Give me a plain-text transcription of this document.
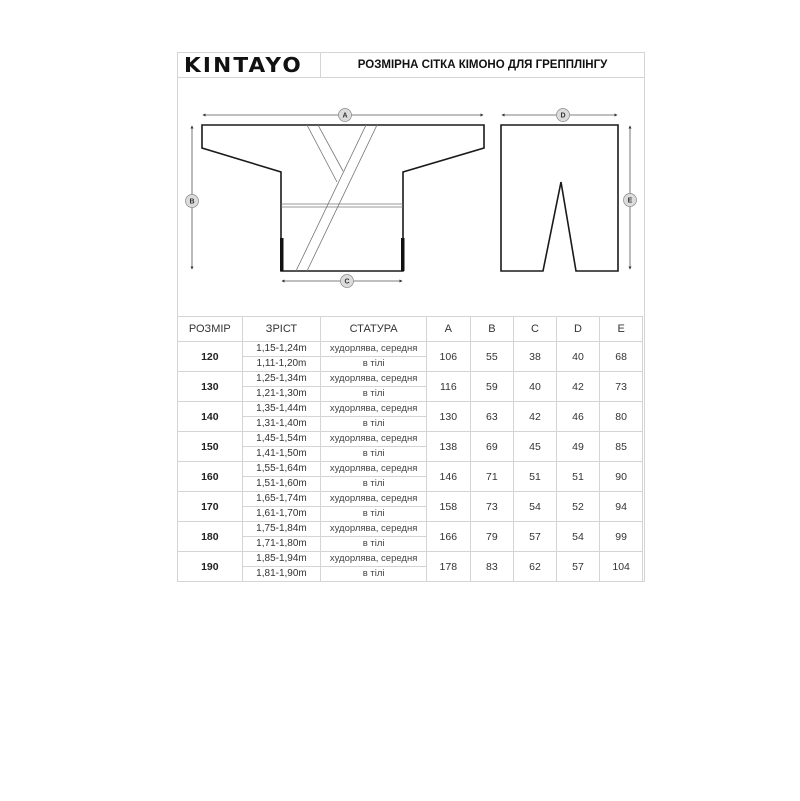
KINTAYO	РОЗМІРНА СІТКА КІМОНО ДЛЯ ГРЕППЛІНГУ
A
B
C
D
E
РОЗМІР	ЗРІСТ	СТАТУРА	A	B	C	D	E
120	1,15-1,24m	худорлява, середня	106	55	38	40	68
	1,11-1,20m	в тілі					
130	1,25-1,34m	худорлява, середня	116	59	40	42	73
	1,21-1,30m	в тілі					
140	1,35-1,44m	худорлява, середня	130	63	42	46	80
	1,31-1,40m	в тілі					
150	1,45-1,54m	худорлява, середня	138	69	45	49	85
	1,41-1,50m	в тілі					
160	1,55-1,64m	худорлява, середня	146	71	51	51	90
	1,51-1,60m	в тілі					
170	1,65-1,74m	худорлява, середня	158	73	54	52	94
	1,61-1,70m	в тілі					
180	1,75-1,84m	худорлява, середня	166	79	57	54	99
	1,71-1,80m	в тілі					
190	1,85-1,94m	худорлява, середня	178	83	62	57	104
	1,81-1,90m	в тілі					
